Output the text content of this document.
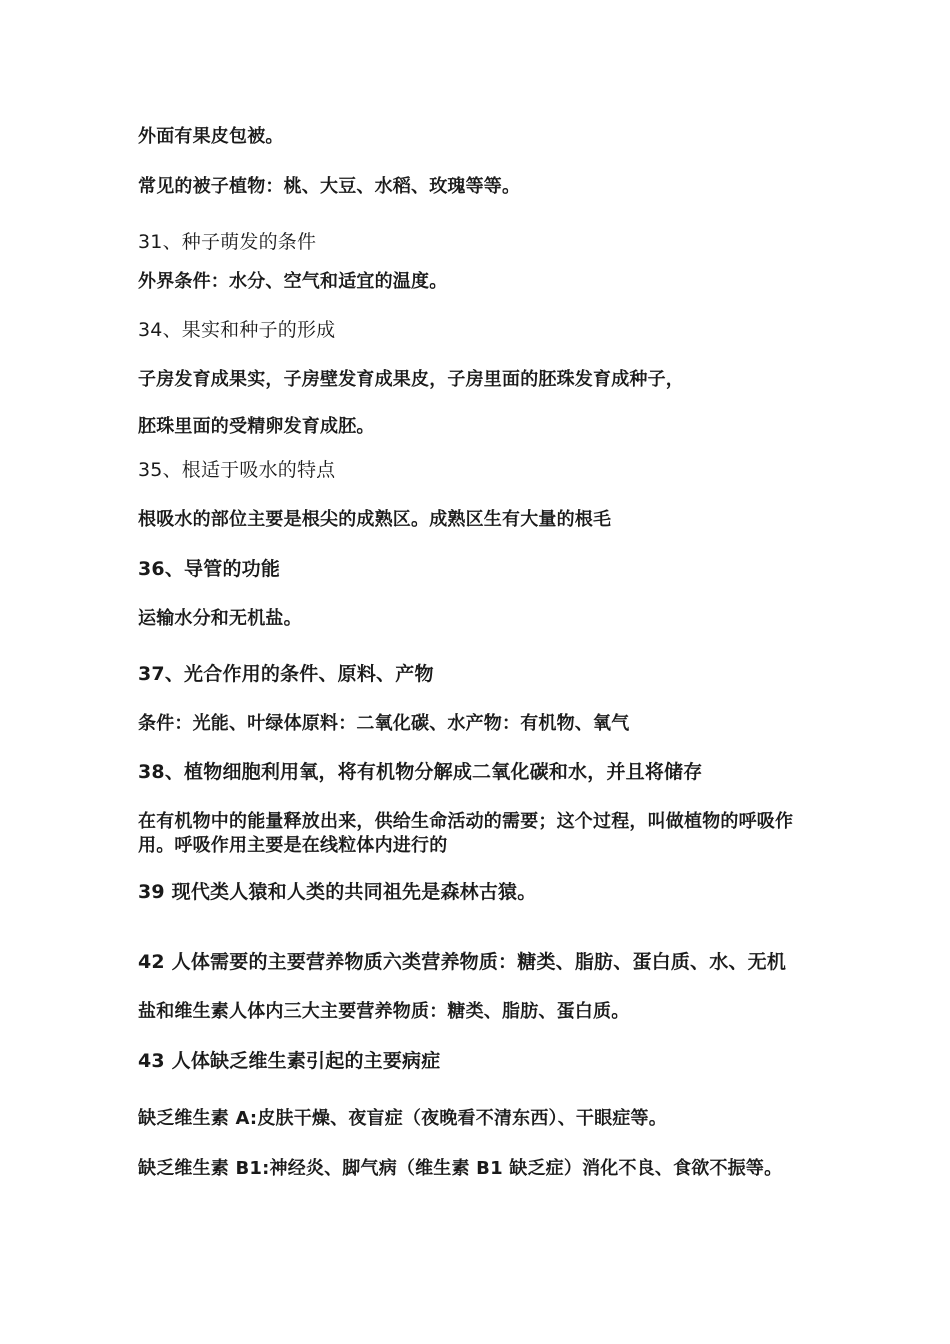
外面有果皮包被。
常见的被子植物：桃、大豆、水稻、玫瑰等等。
31、种子萌发的条件
外界条件：水分、空气和适宜的温度。
34、果实和种子的形成
子房发育成果实，子房壁发育成果皮，子房里面的胚珠发育成种子，
胚珠里面的受精卵发育成胚。
35、根适于吸水的特点
根吸水的部位主要是根尖的成熟区。成熟区生有大量的根毛
36、导管的功能
运输水分和无机盐。
37、光合作用的条件、原料、产物
条件：光能、叶绿体原料：二氧化碳、水产物：有机物、氧气
38、植物细胞利用氧，将有机物分解成二氧化碳和水，并且将储存
在有机物中的能量释放出来，供给生命活动的需要；这个过程，叫做植物的呼吸作用。呼吸作用主要是在线粒体内进行的
39 现代类人猿和人类的共同祖先是森林古猿。
42 人体需要的主要营养物质六类营养物质：糖类、脂肪、蛋白质、水、无机
盐和维生素人体内三大主要营养物质：糖类、脂肪、蛋白质。
43 人体缺乏维生素引起的主要病症
缺乏维生素 A:皮肤干燥、夜盲症（夜晚看不清东西）、干眼症等。
缺乏维生素 B1:神经炎、脚气病（维生素 B1 缺乏症）消化不良、食欲不振等。
